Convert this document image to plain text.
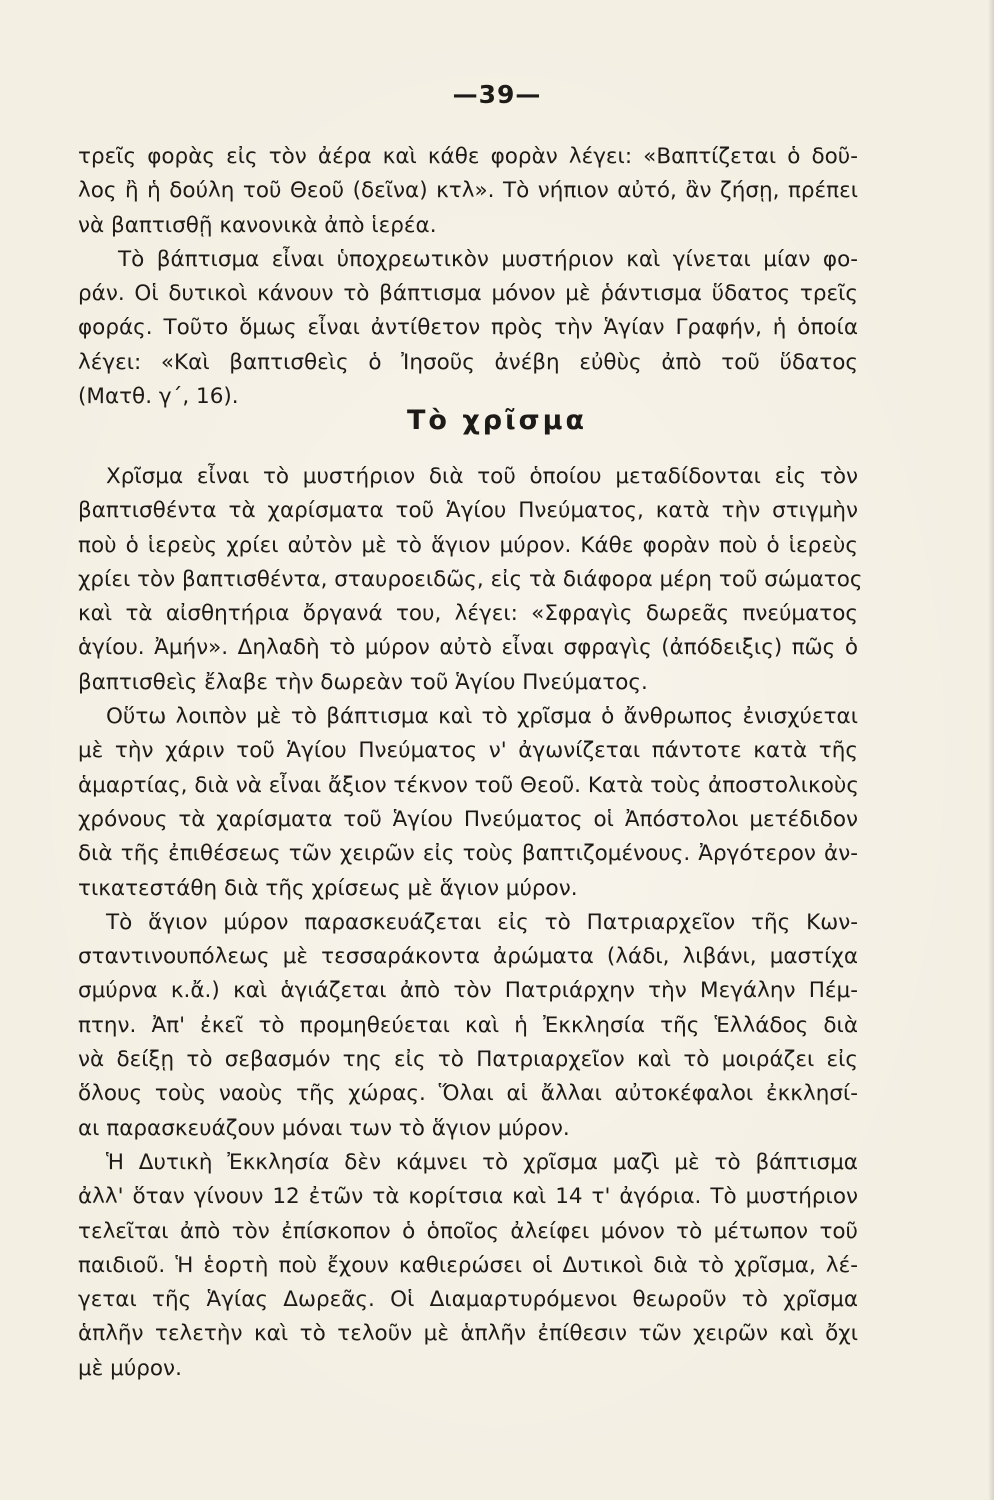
—39—
τρεῖς φορὰς εἰς τὸν ἀέρα καὶ κάθε φορὰν λέγει: «Βαπτίζεται ὁ δοῦ-
λος ἢ ἡ δούλη τοῦ Θεοῦ (δεῖνα) κτλ». Τὸ νήπιον αὐτό, ἂν ζήσῃ, πρέπει
νὰ βαπτισθῇ κανονικὰ ἀπὸ ἱερέα.
Τὸ βάπτισμα εἶναι ὑποχρεωτικὸν μυστήριον καὶ γίνεται μίαν φο-
ράν. Οἱ δυτικοὶ κάνουν τὸ βάπτισμα μόνον μὲ ῥάντισμα ὕδατος τρεῖς
φοράς. Τοῦτο ὅμως εἶναι ἀντίθετον πρὸς τὴν Ἁγίαν Γραφήν, ἡ ὁποία
λέγει: «Καὶ βαπτισθεὶς ὁ Ἰησοῦς ἀνέβη εὐθὺς ἀπὸ τοῦ ὕδατος
(Ματθ. γ΄, 16).
Τὸ χρῖσμα
Χρῖσμα εἶναι τὸ μυστήριον διὰ τοῦ ὁποίου μεταδίδονται εἰς τὸν
βαπτισθέντα τὰ χαρίσματα τοῦ Ἁγίου Πνεύματος, κατὰ τὴν στιγμὴν
ποὺ ὁ ἱερεὺς χρίει αὐτὸν μὲ τὸ ἅγιον μύρον. Κάθε φορὰν ποὺ ὁ ἱερεὺς
χρίει τὸν βαπτισθέντα, σταυροειδῶς, εἰς τὰ διάφορα μέρη τοῦ σώματος
καὶ τὰ αἰσθητήρια ὄργανά του, λέγει: «Σφραγὶς δωρεᾶς πνεύματος
ἁγίου. Ἀμήν». Δηλαδὴ τὸ μύρον αὐτὸ εἶναι σφραγὶς (ἀπόδειξις) πῶς ὁ
βαπτισθεὶς ἔλαβε τὴν δωρεὰν τοῦ Ἁγίου Πνεύματος.
Οὕτω λοιπὸν μὲ τὸ βάπτισμα καὶ τὸ χρῖσμα ὁ ἄνθρωπος ἐνισχύεται
μὲ τὴν χάριν τοῦ Ἁγίου Πνεύματος ν' ἀγωνίζεται πάντοτε κατὰ τῆς
ἁμαρτίας, διὰ νὰ εἶναι ἄξιον τέκνον τοῦ Θεοῦ. Κατὰ τοὺς ἀποστολικοὺς
χρόνους τὰ χαρίσματα τοῦ Ἁγίου Πνεύματος οἱ Ἀπόστολοι μετέδιδον
διὰ τῆς ἐπιθέσεως τῶν χειρῶν εἰς τοὺς βαπτιζομένους. Ἀργότερον ἀν-
τικατεστάθη διὰ τῆς χρίσεως μὲ ἅγιον μύρον.
Τὸ ἅγιον μύρον παρασκευάζεται εἰς τὸ Πατριαρχεῖον τῆς Κων-
σταντινουπόλεως μὲ τεσσαράκοντα ἀρώματα (λάδι, λιβάνι, μαστίχα
σμύρνα κ.ἄ.) καὶ ἁγιάζεται ἀπὸ τὸν Πατριάρχην τὴν Μεγάλην Πέμ-
πτην. Ἀπ' ἐκεῖ τὸ προμηθεύεται καὶ ἡ Ἐκκλησία τῆς Ἑλλάδος διὰ
νὰ δείξῃ τὸ σεβασμόν της εἰς τὸ Πατριαρχεῖον καὶ τὸ μοιράζει εἰς
ὅλους τοὺς ναοὺς τῆς χώρας. Ὅλαι αἱ ἄλλαι αὐτοκέφαλοι ἐκκλησί-
αι παρασκευάζουν μόναι των τὸ ἅγιον μύρον.
Ἡ Δυτικὴ Ἐκκλησία δὲν κάμνει τὸ χρῖσμα μαζὶ μὲ τὸ βάπτισμα
ἀλλ' ὅταν γίνουν 12 ἐτῶν τὰ κορίτσια καὶ 14 τ' ἀγόρια. Τὸ μυστήριον
τελεῖται ἀπὸ τὸν ἐπίσκοπον ὁ ὁποῖος ἀλείφει μόνον τὸ μέτωπον τοῦ
παιδιοῦ. Ἡ ἑορτὴ ποὺ ἔχουν καθιερώσει οἱ Δυτικοὶ διὰ τὸ χρῖσμα, λέ-
γεται τῆς Ἁγίας Δωρεᾶς. Οἱ Διαμαρτυρόμενοι θεωροῦν τὸ χρῖσμα
ἁπλῆν τελετὴν καὶ τὸ τελοῦν μὲ ἁπλῆν ἐπίθεσιν τῶν χειρῶν καὶ ὄχι
μὲ μύρον.
